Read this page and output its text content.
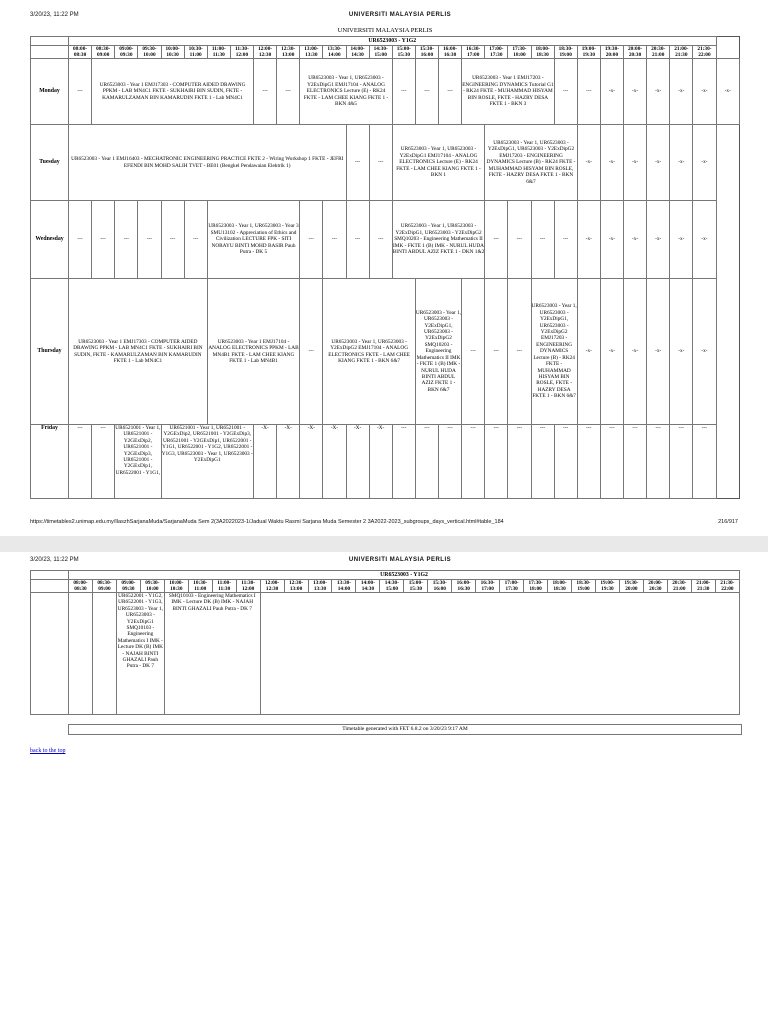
3/20/23, 11:22 PM	UNIVERSITI MALAYSIA PERLIS
UNIVERSITI MALAYSIA PERLIS
	UR6523003 - Y1G2																												
	08:00-08:30	08:30-09:00	09:00-09:30	09:30-10:00	10:00-10:30	10:30-11:00	11:00-11:30	11:30-12:00	12:00-12:30	12:30-13:00	13:00-13:30	13:30-14:00	14:00-14:30	14:30-15:00	15:00-15:30	15:30-16:00	16:00-16:30	16:30-17:00	17:00-17:30	17:30-18:00	18:00-18:30	18:30-19:00	19:00-19:30	19:30-20:00	20:00-20:30	20:30-21:00	21:00-21:30	21:30-22:00	
Monday	---	UR6523003 - Year 1 EMJ17303 - COMPUTER AIDED DRAWING PPKM - LAB MN4C1 FKTE - SUKHAIRI BIN SUDIN, FKTE - KAMARULZAMAN BIN KAMARUDIN FKTE 1 - Lab MN4C1							---	---	UR6523003 - Year 1, UR6523003 - Y2ExDipG1 EMJ17104 - ANALOG ELECTRONICS Lecture (E) - RK24 FKTE - LAM CHEE KIANG FKTE 1 - BKN 4&5				---	---	---	UR6523003 - Year 1 EMJ17203 - ENGINEERING DYNAMICS Tutorial G1 - RK24 FKTE - MUHAMMAD HISYAM BIN ROSLE, FKTE - HAZRY DESA FKTE 1 - BKN 3				---	---	-x-	-x-	-x-	-x-	-x-	-x-
Tuesday	UR6523003 - Year 1 EMJ16403 - MECHATRONIC ENGINEERING PRACTICE FKTE 2 - Wiring Workshop 1 FKTE - JEFRI EFENDI BIN MOHD SALIH TVET - BE01 (Bengkel Pendawaian Elektrik 1)												---	---	UR6523003 - Year 1, UR6523003 - Y2ExDipG1 EMJ17104 - ANALOG ELECTRONICS Lecture (E) - RK24 FKTE - LAM CHEE KIANG FKTE 1 - BKN 1				UR6523003 - Year 1, UR6523003 - Y2ExDipG1, UR6523003 - Y2ExDipG2 EMJ17203 - ENGINEERING DYNAMICS Lecture (B) - RK24 FKTE - MUHAMMAD HISYAM BIN ROSLE, FKTE - HAZRY DESA FKTE 1 - BKN 6&7				-x-	-x-	-x-	-x-	-x-	-x-	
Wednesday	---	---	---	---	---	---	UR6523003 - Year 1, UR6523003 - Year 3 SMU13102 - Appreciation of Ethics and Civilization LECTURE FPK - SITI NORAYU BINTI MOHD BASIR Pauh Putra - DK 5				---	---	---	---	UR6523003 - Year 1, UR6523003 - Y2ExDipG1, UR6523003 - Y2ExDipG2 SMQ10203 - Engineering Mathematics II IMK - FKTE 1 (B) IMK - NURUL HUDA BINTI ABDUL AZIZ FKTE 1 - DKN 1&2				---	---	---	---	-x-	-x-	-x-	-x-	-x-	-x-	
Thursday	UR6523003 - Year 1 EMJ17303 - COMPUTER AIDED DRAWING PPKM - LAB MN4C1 FKTE - SUKHAIRI BIN SUDIN, FKTE - KAMARULZAMAN BIN KAMARUDIN FKTE 1 - Lab MN4C1						UR6523003 - Year 1 EMJ17104 - ANALOG ELECTRONICS PPKM - LAB MN4B1 FKTE - LAM CHEE KIANG FKTE 1 - Lab MN4B1				---	UR6523003 - Year 1, UR6523003 - Y2ExDipG2 EMJ17104 - ANALOG ELECTRONICS FKTE - LAM CHEE KIANG FKTE 1 - BKN 6&7				UR6523003 - Year 1, UR6523003 - Y2ExDipG1, UR6523003 - Y2ExDipG2 SMQ10203 - Engineering Mathematics II IMK - FKTE 1 (B) IMK - NURUL HUDA BINTI ABDUL AZIZ FKTE 1 - BKN 6&7		---	---	---	UR6523003 - Year 1, UR6523003 - Y2ExDipG1, UR6523003 - Y2ExDipG2 EMJ17203 - ENGINEERING DYNAMICS Lecture (B) - RK24 FKTE - MUHAMMAD HISYAM BIN ROSLE, FKTE - HAZRY DESA FKTE 1 - BKN 6&7		-x-	-x-	-x-	-x-	-x-	-x-	
Friday	---	---	UR6521001 - Year 1, UR6521001 - Y2GExDip2, UR6521001 - Y2GExDip3, UR6521001 - Y2GExDip1, UR6522001 - Y1G1,		UR6521001 - Year 1, UR6521001 - Y2GExDip2, UR6521001 - Y2GExDip3, UR6521001 - Y2GExDip1, UR6522001 - Y1G1, UR6522001 - Y1G2, UR6522001 - Y1G3, UR6523003 - Year 1, UR6523003 - Y2ExDipG1				-X-	-X-	-X-	-X-	-X-	-X-	---	---	---	---	---	---	---	---	---	---	---	---	---	---	
https://timetables2.unimap.edu.my/IlaszhSarjanaMuda/SarjanaMuda Sem 2(3A2022023-1/Jadual Waktu Rasmi Sarjana Muda Semester 2 3A2022-2023_subgroups_days_vertical.html#table_184	216/917
3/20/23, 11:22 PM	UNIVERSITI MALAYSIA PERLIS
	UR6523003 - Y1G2																											
	08:00-08:30	08:30-09:00	09:00-09:30	09:30-10:00	10:00-10:30	10:30-11:00	11:00-11:30	11:30-12:00	12:00-12:30	12:30-13:00	13:00-13:30	13:30-14:00	14:00-14:30	14:30-15:00	15:00-15:30	15:30-16:00	16:00-16:30	16:30-17:00	17:00-17:30	17:30-18:00	18:00-18:30	18:30-19:00	19:00-19:30	19:30-20:00	20:00-20:30	20:30-21:00	21:00-21:30	21:30-22:00
			UR6522001 - Y1G2, UR6522001 - Y1G3, UR6523003 - Year 1, UR6523003 - Y2ExDipG1 SMQ10103 - Engineering Mathematics I IMK - Lecture DK (B) IMK - NAJAH BINTI GHAZALI Pauh Putra - DK 7		SMQ10103 - Engineering Mathematics I IMK - Lecture DK (B) IMK - NAJAH BINTI GHAZALI Pauh Putra - DK 7																							
Timetable generated with FET 6.8.2 on 3/20/23 9:17 AM
back to the top
